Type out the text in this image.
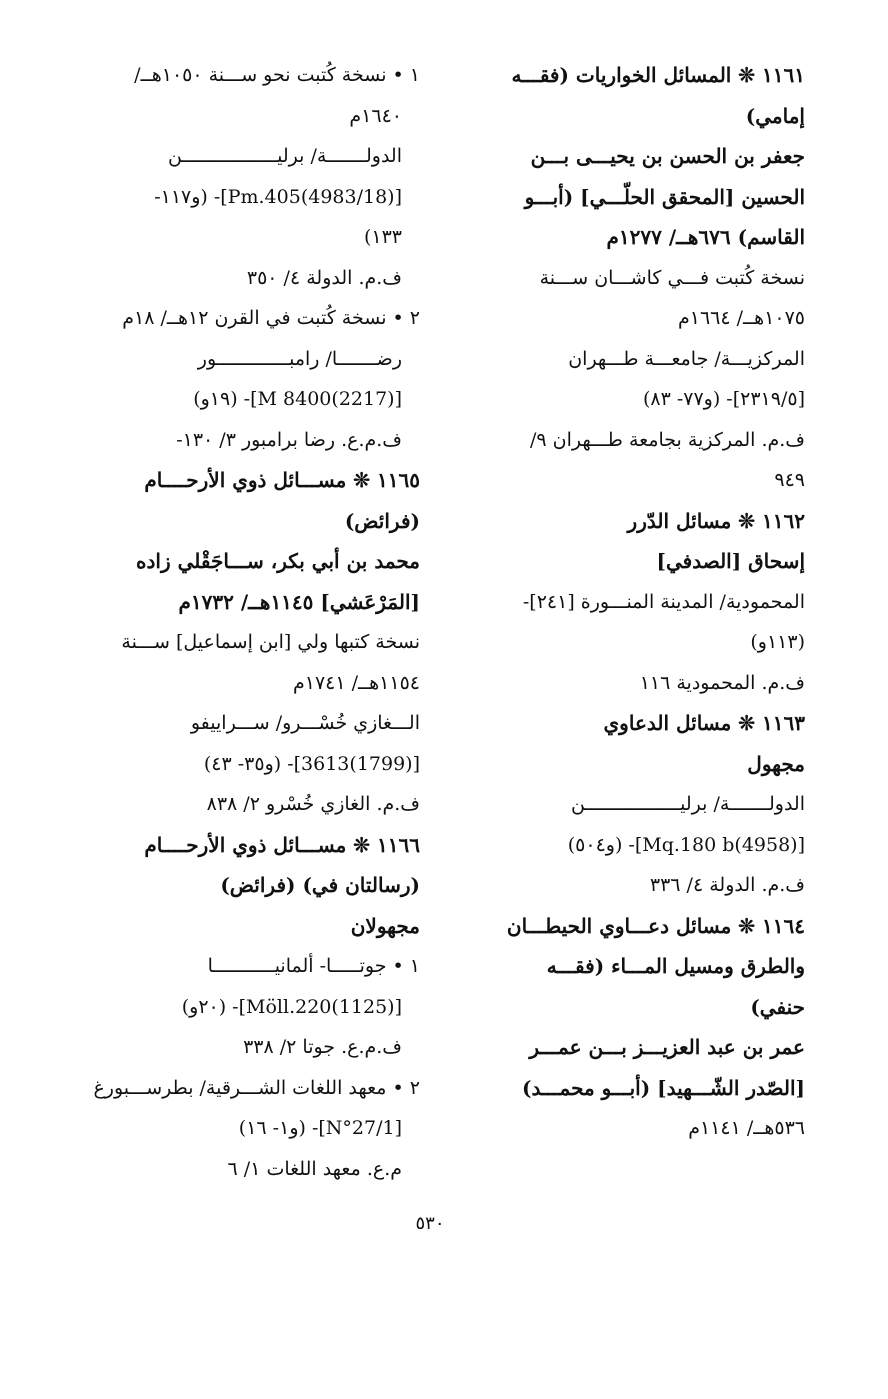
١١٦١ ❊ المسائل الخواريات (فقـــه
إمامي)
جعفر بن الحسن بن يحيـــى بـــن
الحسين [المحقق الحلّـــي] (أبـــو
القاسم) ٦٧٦هــ/ ١٢٧٧م
نسخة كُتبت فـــي كاشـــان ســـنة
١٠٧٥هــ/ ١٦٦٤م
المركزيـــة/ جامعـــة طـــهران
[٢٣١٩/٥]- (و٧٧- ٨٣)
ف.م. المركزية بجامعة طـــهران ٩/
٩٤٩
١١٦٢ ❊ مسائل الدّرر
إسحاق [الصدفي]
المحمودية/ المدينة المنـــورة [٢٤١]-
(١١٣و)
ف.م. المحمودية ١١٦
١١٦٣ ❊ مسائل الدعاوي
مجهول
الدولـــــــة/ برليـــــــــــــــــن
[(4958)Mq.180 b]- (و٥٠٤)
ف.م. الدولة ٤/ ٣٣٦
١١٦٤ ❊ مسائل دعـــاوي الحيطـــان
والطرق ومسيل المـــاء (فقـــه
حنفي)
عمر بن عبد العزيـــز بـــن عمـــر
[الصّدر الشّـــهيد] (أبـــو محمـــد)
٥٣٦هــ/ ١١٤١م
١ • نسخة كُتبت نحو ســـنة ١٠٥٠هــ/
١٦٤٠م
الدولـــــــة/ برليـــــــــــــــــن
[(4983/18)Pm.405]- (و١١٧-
١٣٣)
ف.م. الدولة ٤/ ٣٥٠
٢ • نسخة كُتبت في القرن ١٢هــ/ ١٨م
رضـــــــا/ رامبـــــــــــــور
[(2217)8400 M]- (١٩و)
ف.م.ع. رضا برامبور ٣/ ١٣٠-
١١٦٥ ❊ مســـائل ذوي الأرحــــام
(فرائض)
محمد بن أبي بكر، ســـاجَقْلي زاده
[المَرْعَشي] ١١٤٥هــ/ ١٧٣٢م
نسخة كتبها ولي [ابن إسماعيل] ســـنة
١١٥٤هــ/ ١٧٤١م
الـــغازي خُسْـــرو/ ســـراييفو
[(1799)3613]- (و٣٥- ٤٣)
ف.م. الغازي خُسْرو ٢/ ٨٣٨
١١٦٦ ❊ مســـائل ذوي الأرحــــام
(رسالتان في) (فرائض)
مجهولان
١ • جوتـــــا- ألمانيـــــــــــا
[(1125)Möll.220]- (٢٠و)
ف.م.ع. جوتا ٢/ ٣٣٨
٢ • معهد اللغات الشـــرقية/ بطرســـبورغ
[N°27/1]- (و١- ١٦)
م.ع. معهد اللغات ١/ ٦
٥٣٠
